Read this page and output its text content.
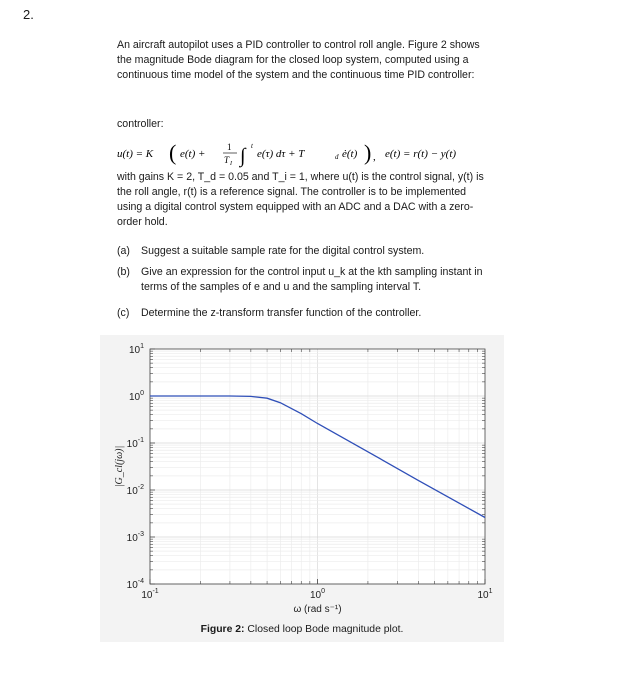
2.
An aircraft autopilot uses a PID controller to control roll angle. Figure 2 shows the magnitude Bode diagram for the closed loop system, computed using a continuous time model of the system and the continuous time PID controller:
controller:
u(t) = K ( e(t) +
1
T I ∫ t
e(τ) dτ + T	d ė(t) ) , e(t) = r(t) − y(t)
with gains K = 2, T_d = 0.05 and T_i = 1, where u(t) is the control signal, y(t) is the roll angle, r(t) is a reference signal. The controller is to be implemented using a digital control system equipped with an ADC and a DAC with a zero-order hold.
(a) Suggest a suitable sample rate for the digital control system.
(b)	Give an expression for the control input u_k at the kth sampling instant in terms of the samples of e and u and the sampling interval T.
(c) Determine the z-transform transfer function of the controller.
$10^1$
$10^0$
$10^{-1}$
$10^{-2}$
$10^{-3}$
$10^{-4}$
$10^{-1}$	$10^0$	$10^1$
ω (rad s⁻¹)
|G_cl(jω)|
Figure 2: Closed loop Bode magnitude plot.
